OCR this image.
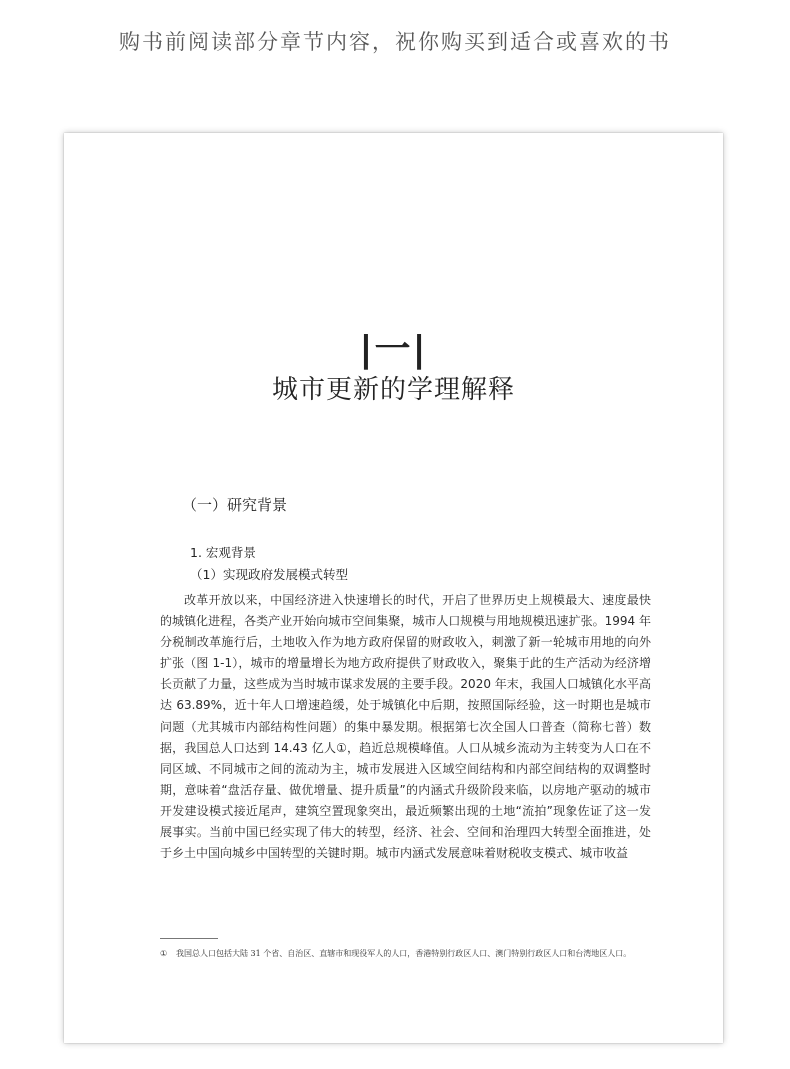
购书前阅读部分章节内容，祝你购买到适合或喜欢的书
|一|
城市更新的学理解释
（一）研究背景
1. 宏观背景
（1）实现政府发展模式转型

改革开放以来，中国经济进入快速增长的时代，开启了世界历史上规模最大、速度最快的城镇化进程，各类产业开始向城市空间集聚，城市人口规模与用地规模迅速扩张。1994 年分税制改革施行后，土地收入作为地方政府保留的财政收入，刺激了新一轮城市用地的向外扩张（图 1-1），城市的增量增长为地方政府提供了财政收入，聚集于此的生产活动为经济增长贡献了力量，这些成为当时城市谋求发展的主要手段。2020 年末，我国人口城镇化水平高达 63.89%，近十年人口增速趋缓，处于城镇化中后期，按照国际经验，这一时期也是城市问题（尤其城市内部结构性问题）的集中暴发期。根据第七次全国人口普查（简称七普）数据，我国总人口达到 14.43 亿人①，趋近总规模峰值。人口从城乡流动为主转变为人口在不同区域、不同城市之间的流动为主，城市发展进入区域空间结构和内部空间结构的双调整时期，意味着“盘活存量、做优增量、提升质量”的内涵式升级阶段来临，以房地产驱动的城市开发建设模式接近尾声，建筑空置现象突出，最近频繁出现的土地“流拍”现象佐证了这一发展事实。当前中国已经实现了伟大的转型，经济、社会、空间和治理四大转型全面推进，处于乡土中国向城乡中国转型的关键时期。城市内涵式发展意味着财税收支模式、城市收益

① 我国总人口包括大陆 31 个省、自治区、直辖市和现役军人的人口，香港特别行政区人口、澳门特别行政区人口和台湾地区人口。
